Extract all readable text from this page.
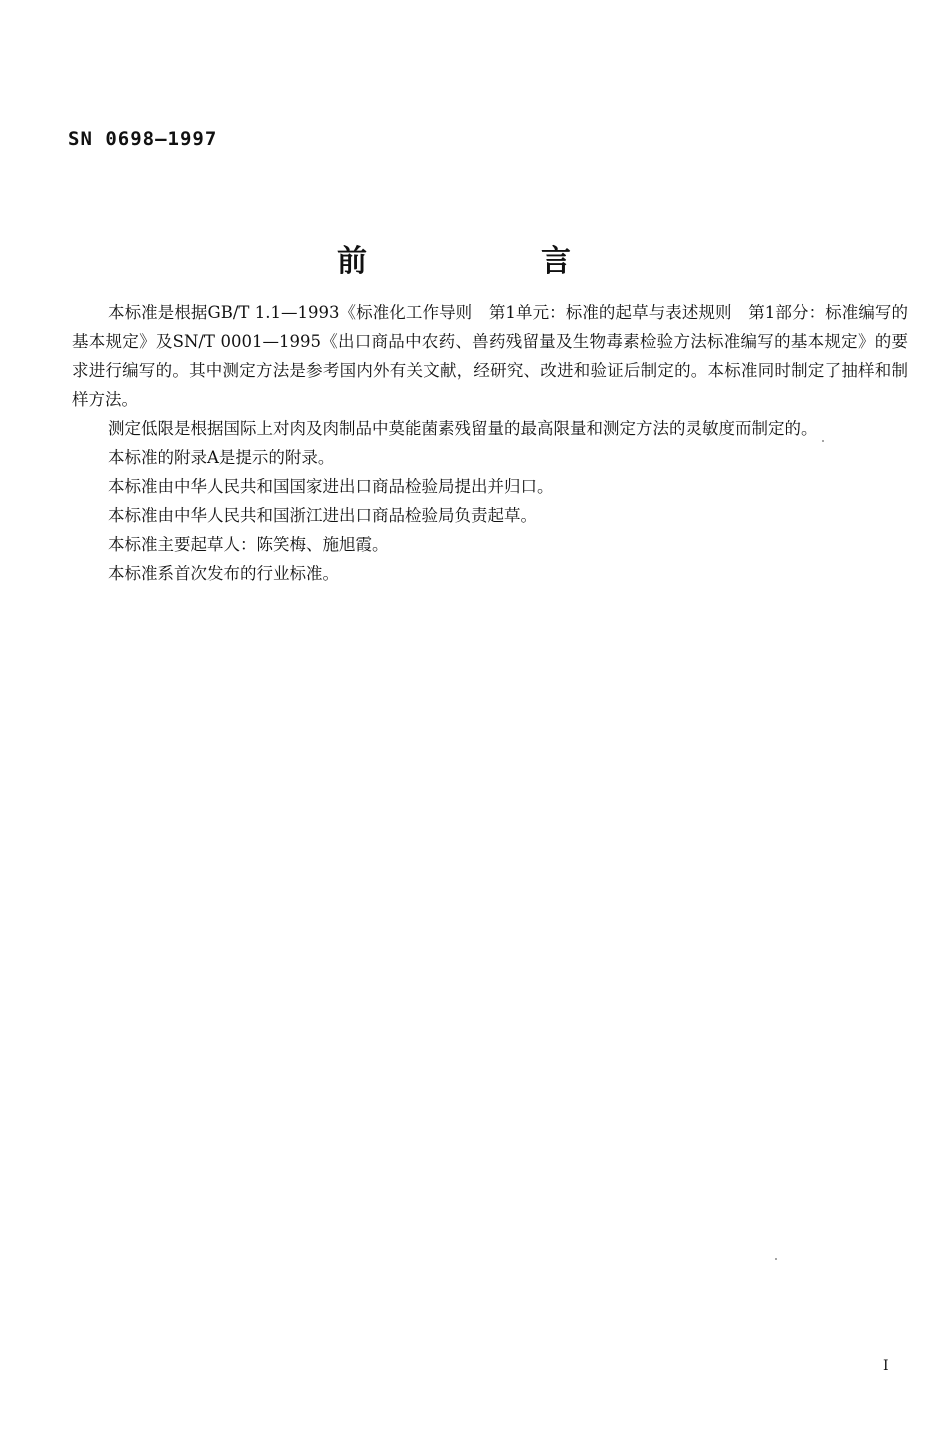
SN 0698—1997
前　言

本标准是根据GB/T 1.1—1993《标准化工作导则　第1单元：标准的起草与表述规则　第1部分：标准编写的基本规定》及SN/T 0001—1995《出口商品中农药、兽药残留量及生物毒素检验方法标准编写的基本规定》的要求进行编写的。其中测定方法是参考国内外有关文献，经研究、改进和验证后制定的。本标准同时制定了抽样和制样方法。

测定低限是根据国际上对肉及肉制品中莫能菌素残留量的最高限量和测定方法的灵敏度而制定的。

本标准的附录A是提示的附录。

本标准由中华人民共和国国家进出口商品检验局提出并归口。

本标准由中华人民共和国浙江进出口商品检验局负责起草。

本标准主要起草人：陈笑梅、施旭霞。

本标准系首次发布的行业标准。

I
